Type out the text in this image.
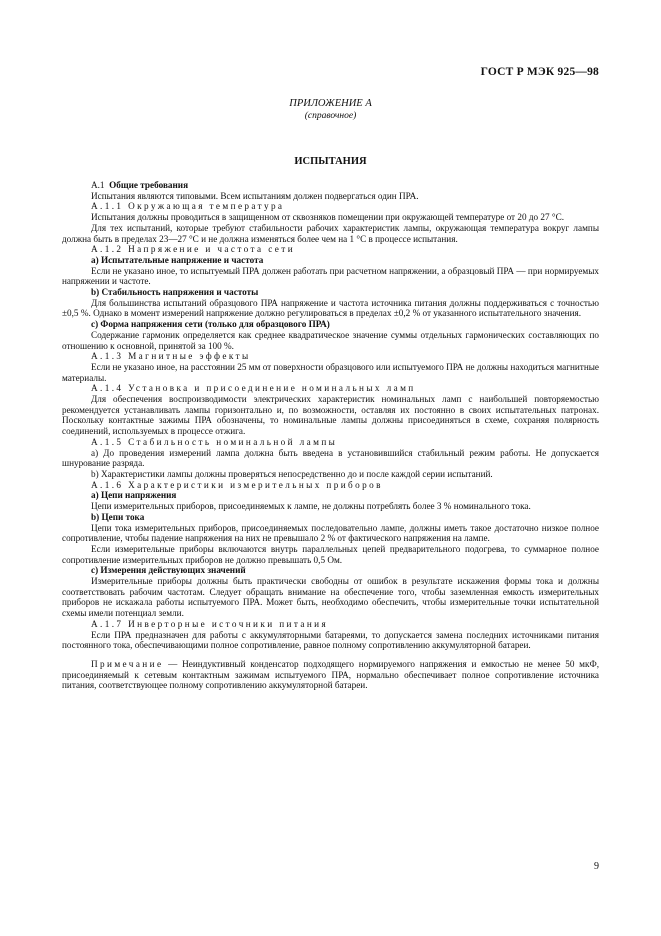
ГОСТ Р МЭК 925—98
ПРИЛОЖЕНИЕ А
(справочное)
ИСПЫТАНИЯ

А.1 Общие требования

Испытания являются типовыми. Всем испытаниям должен подвергаться один ПРА.

А.1.1 Окружающая температура

Испытания должны проводиться в защищенном от сквозняков помещении при окружающей температуре от 20 до 27 °С.

Для тех испытаний, которые требуют стабильности рабочих характеристик лампы, окружающая температура вокруг лампы должна быть в пределах 23—27 °С и не должна изменяться более чем на 1 °С в процессе испытания.

А.1.2 Напряжение и частота сети

a) Испытательные напряжение и частота

Если не указано иное, то испытуемый ПРА должен работать при расчетном напряжении, а образцовый ПРА — при нормируемых напряжении и частоте.

b) Стабильность напряжения и частоты

Для большинства испытаний образцового ПРА напряжение и частота источника питания должны поддерживаться с точностью ±0,5 %. Однако в момент измерений напряжение должно регулироваться в пределах ±0,2 % от указанного испытательного значения.

c) Форма напряжения сети (только для образцового ПРА)

Содержание гармоник определяется как среднее квадратическое значение суммы отдельных гармонических составляющих по отношению к основной, принятой за 100 %.

А.1.3 Магнитные эффекты

Если не указано иное, на расстоянии 25 мм от поверхности образцового или испытуемого ПРА не должны находиться магнитные материалы.

А.1.4 Установка и присоединение номинальных ламп

Для обеспечения воспроизводимости электрических характеристик номинальных ламп с наибольшей повторяемостью рекомендуется устанавливать лампы горизонтально и, по возможности, оставляя их постоянно в своих испытательных патронах. Поскольку контактные зажимы ПРА обозначены, то номинальные лампы должны присоединяться в схеме, сохраняя полярность соединений, используемых в процессе отжига.

А.1.5 Стабильность номинальной лампы

a) До проведения измерений лампа должна быть введена в установившийся стабильный режим работы. Не допускается шнурование разряда.

b) Характеристики лампы должны проверяться непосредственно до и после каждой серии испытаний.

А.1.6 Характеристики измерительных приборов

a) Цепи напряжения

Цепи измерительных приборов, присоединяемых к лампе, не должны потреблять более 3 % номинального тока.

b) Цепи тока

Цепи тока измерительных приборов, присоединяемых последовательно лампе, должны иметь такое достаточно низкое полное сопротивление, чтобы падение напряжения на них не превышало 2 % от фактического напряжения на лампе.

Если измерительные приборы включаются внутрь параллельных цепей предварительного подогрева, то суммарное полное сопротивление измерительных приборов не должно превышать 0,5 Ом.

c) Измерения действующих значений

Измерительные приборы должны быть практически свободны от ошибок в результате искажения формы тока и должны соответствовать рабочим частотам. Следует обращать внимание на обеспечение того, чтобы заземленная емкость измерительных приборов не искажала работы испытуемого ПРА. Может быть, необходимо обеспечить, чтобы измерительные точки испытательной схемы имели потенциал земли.

А.1.7 Инверторные источники питания

Если ПРА предназначен для работы с аккумуляторными батареями, то допускается замена последних источниками питания постоянного тока, обеспечивающими полное сопротивление, равное полному сопротивлению аккумуляторной батареи.

Примечание — Неиндуктивный конденсатор подходящего нормируемого напряжения и емкостью не менее 50 мкФ, присоединяемый к сетевым контактным зажимам испытуемого ПРА, нормально обеспечивает полное сопротивление источника питания, соответствующее полному сопротивлению аккумуляторной батареи.

9
